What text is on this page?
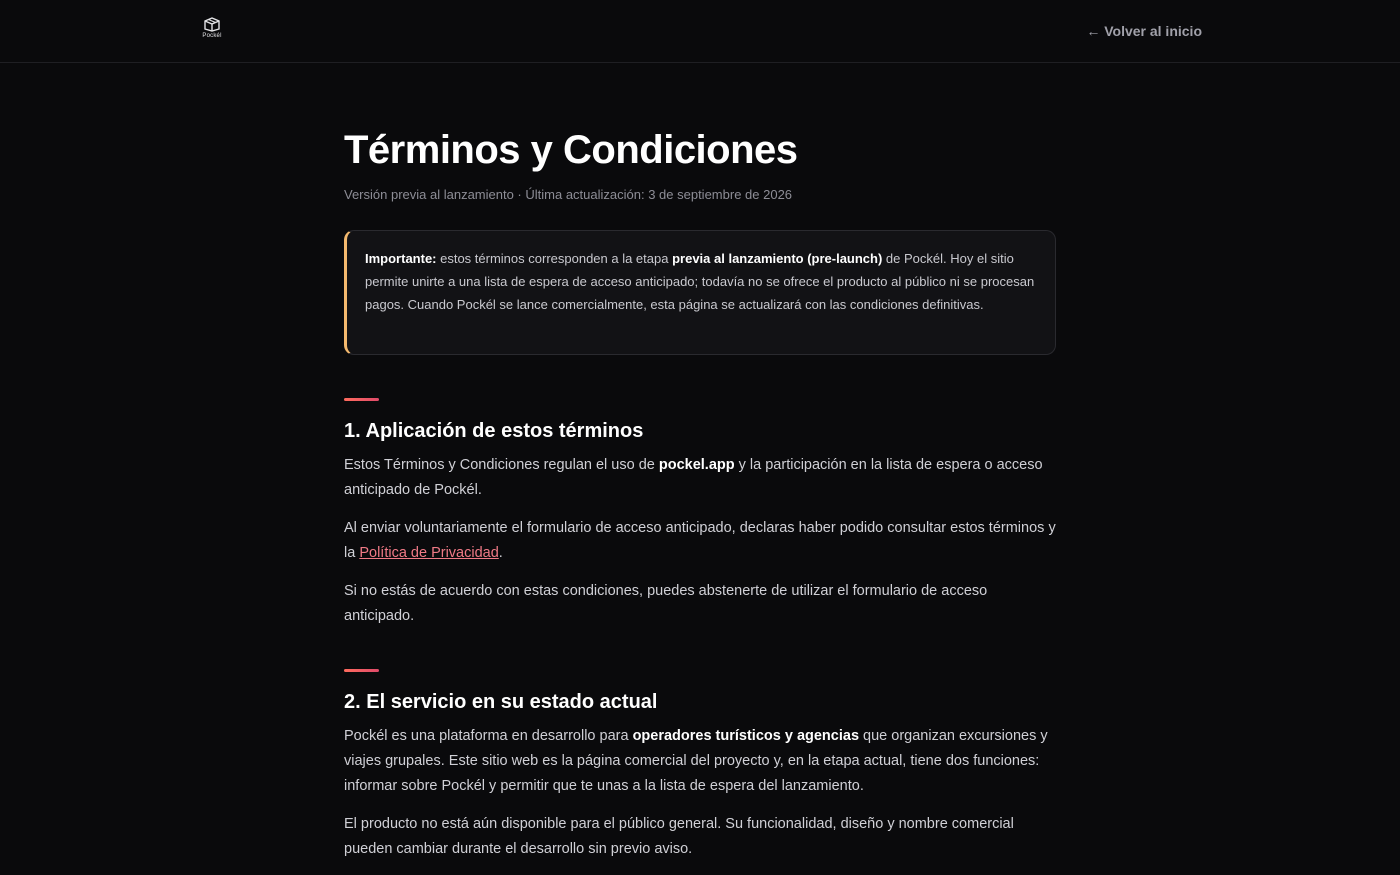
Pockél	← Volver al inicio
Términos y Condiciones
Versión previa al lanzamiento · Última actualización: 3 de septiembre de 2026
Importante: estos términos corresponden a la etapa previa al lanzamiento (pre-launch) de Pockél. Hoy el sitio permite unirte a una lista de espera de acceso anticipado; todavía no se ofrece el producto al público ni se procesan pagos. Cuando Pockél se lance comercialmente, esta página se actualizará con las condiciones definitivas.
1. Aplicación de estos términos

Estos Términos y Condiciones regulan el uso de pockel.app y la participación en la lista de espera o acceso anticipado de Pockél.

Al enviar voluntariamente el formulario de acceso anticipado, declaras haber podido consultar estos términos y la Política de Privacidad.

Si no estás de acuerdo con estas condiciones, puedes abstenerte de utilizar el formulario de acceso anticipado.

2. El servicio en su estado actual

Pockél es una plataforma en desarrollo para operadores turísticos y agencias que organizan excursiones y viajes grupales. Este sitio web es la página comercial del proyecto y, en la etapa actual, tiene dos funciones: informar sobre Pockél y permitir que te unas a la lista de espera del lanzamiento.

El producto no está aún disponible para el público general. Su funcionalidad, diseño y nombre comercial pueden cambiar durante el desarrollo sin previo aviso.
